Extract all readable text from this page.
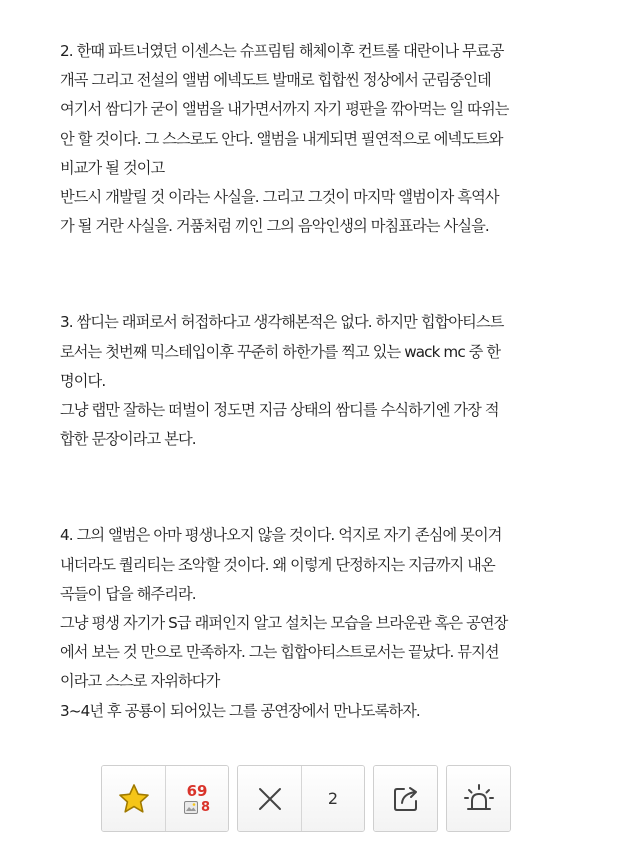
2. 한때 파트너였던 이센스는 슈프림팀 해체이후 컨트롤 대란이나 무료공
개곡 그리고 전설의 앨범 에넥도트 발매로 힙합씬 정상에서 군림중인데
여기서 쌈디가 굳이 앨범을 내가면서까지 자기 평판을 깎아먹는 일 따위는
안 할 것이다. 그 스스로도 안다. 앨범을 내게되면 필연적으로 에넥도트와
비교가 될 것이고
반드시 개발릴 것 이라는 사실을. 그리고 그것이 마지막 앨범이자 흑역사
가 될 거란 사실을. 거품처럼 끼인 그의 음악인생의 마침표라는 사실을.
3. 쌈디는 래퍼로서 허접하다고 생각해본적은 없다. 하지만 힙합아티스트
로서는 첫번째 믹스테입이후 꾸준히 하한가를 찍고 있는 wack mc 중 한
명이다.
그냥 랩만 잘하는 떠벌이 정도면 지금 상태의 쌈디를 수식하기엔 가장 적
합한 문장이라고 본다.
4. 그의 앨범은 아마 평생나오지 않을 것이다. 억지로 자기 존심에 못이겨
내더라도 퀄리티는 조악할 것이다. 왜 이렇게 단정하지는 지금까지 내온
곡들이 답을 해주리라.
그냥 평생 자기가 S급 래퍼인지 알고 설치는 모습을 브라운관 혹은 공연장
에서 보는 것 만으로 만족하자. 그는 힙합아티스트로서는 끝났다. 뮤지션
이라고 스스로 자위하다가
3~4년 후 공룡이 되어있는 그를 공연장에서 만나도록하자.
69
8	2
